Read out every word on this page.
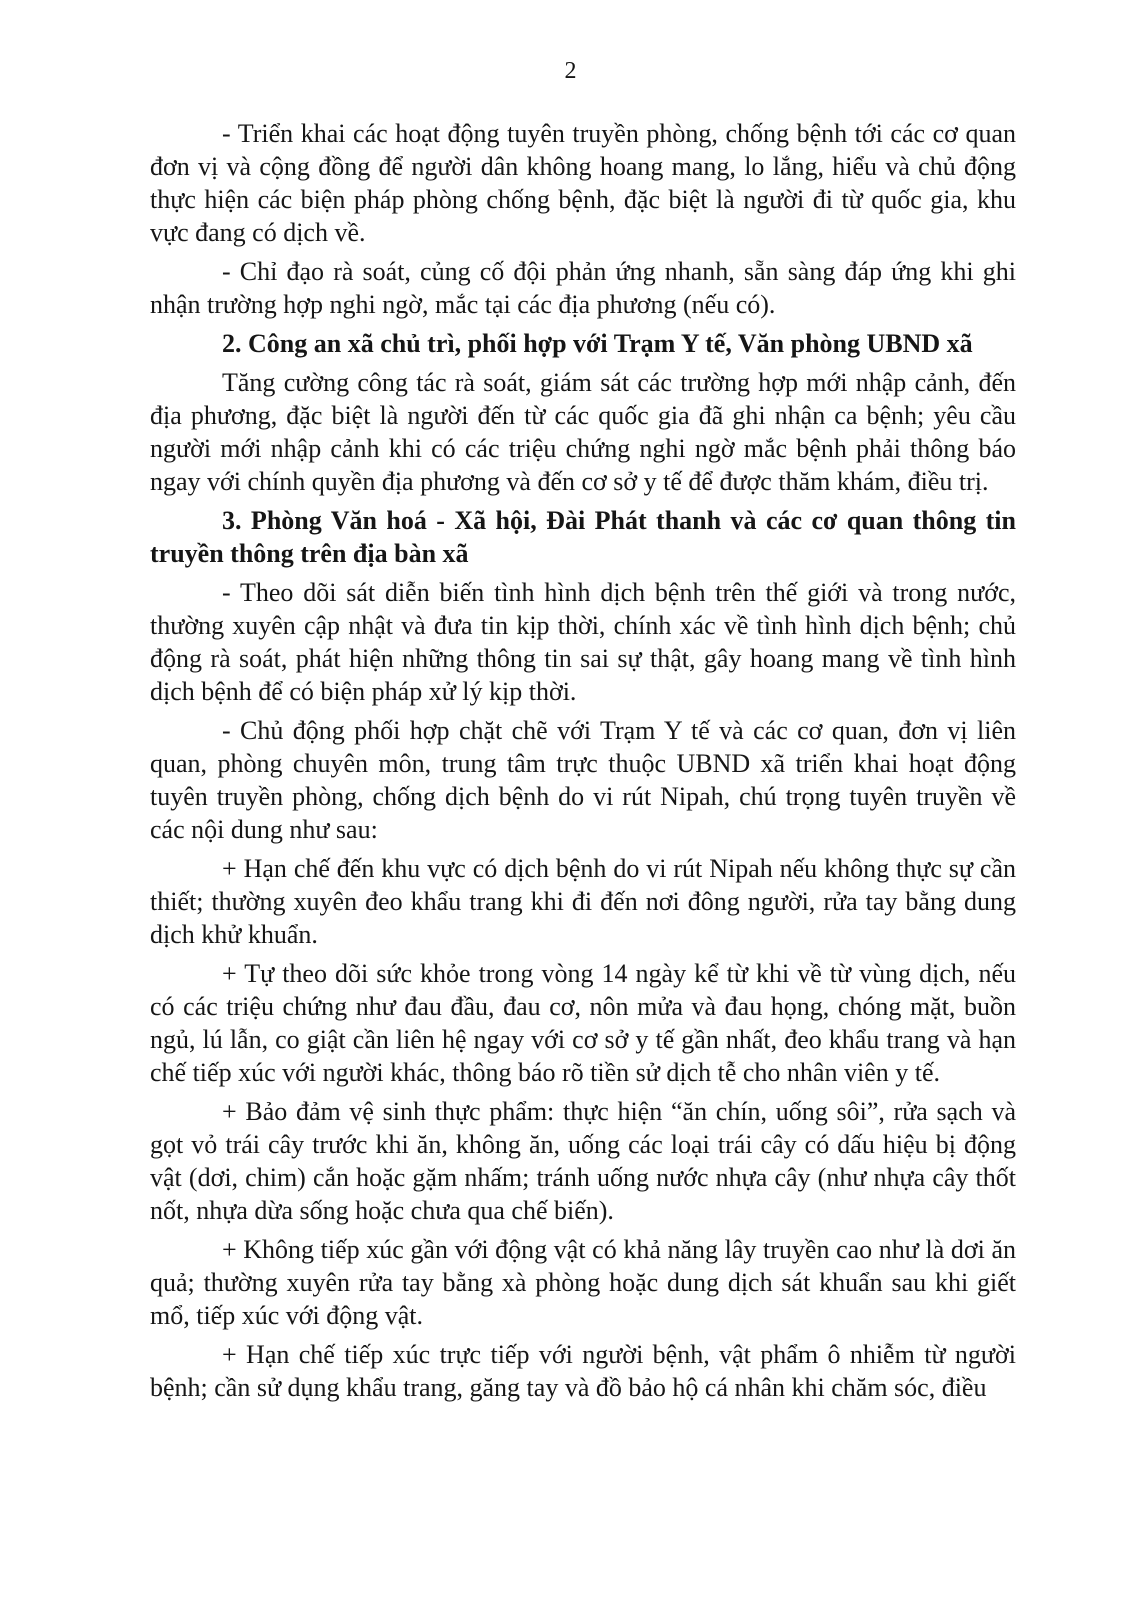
2

- Triển khai các hoạt động tuyên truyền phòng, chống bệnh tới các cơ quan đơn vị và cộng đồng để người dân không hoang mang, lo lắng, hiểu và chủ động thực hiện các biện pháp phòng chống bệnh, đặc biệt là người đi từ quốc gia, khu vực đang có dịch về.

- Chỉ đạo rà soát, củng cố đội phản ứng nhanh, sẵn sàng đáp ứng khi ghi nhận trường hợp nghi ngờ, mắc tại các địa phương (nếu có).

2. Công an xã chủ trì, phối hợp với Trạm Y tế, Văn phòng UBND xã

Tăng cường công tác rà soát, giám sát các trường hợp mới nhập cảnh, đến địa phương, đặc biệt là người đến từ các quốc gia đã ghi nhận ca bệnh; yêu cầu người mới nhập cảnh khi có các triệu chứng nghi ngờ mắc bệnh phải thông báo ngay với chính quyền địa phương và đến cơ sở y tế để được thăm khám, điều trị.

3. Phòng Văn hoá - Xã hội, Đài Phát thanh và các cơ quan thông tin truyền thông trên địa bàn xã

- Theo dõi sát diễn biến tình hình dịch bệnh trên thế giới và trong nước, thường xuyên cập nhật và đưa tin kịp thời, chính xác về tình hình dịch bệnh; chủ động rà soát, phát hiện những thông tin sai sự thật, gây hoang mang về tình hình dịch bệnh để có biện pháp xử lý kịp thời.

- Chủ động phối hợp chặt chẽ với Trạm Y tế và các cơ quan, đơn vị liên quan, phòng chuyên môn, trung tâm trực thuộc UBND xã triển khai hoạt động tuyên truyền phòng, chống dịch bệnh do vi rút Nipah, chú trọng tuyên truyền về các nội dung như sau:

+ Hạn chế đến khu vực có dịch bệnh do vi rút Nipah nếu không thực sự cần thiết; thường xuyên đeo khẩu trang khi đi đến nơi đông người, rửa tay bằng dung dịch khử khuẩn.

+ Tự theo dõi sức khỏe trong vòng 14 ngày kể từ khi về từ vùng dịch, nếu có các triệu chứng như đau đầu, đau cơ, nôn mửa và đau họng, chóng mặt, buồn ngủ, lú lẫn, co giật cần liên hệ ngay với cơ sở y tế gần nhất, đeo khẩu trang và hạn chế tiếp xúc với người khác, thông báo rõ tiền sử dịch tễ cho nhân viên y tế.

+ Bảo đảm vệ sinh thực phẩm: thực hiện “ăn chín, uống sôi”, rửa sạch và gọt vỏ trái cây trước khi ăn, không ăn, uống các loại trái cây có dấu hiệu bị động vật (dơi, chim) cắn hoặc gặm nhấm; tránh uống nước nhựa cây (như nhựa cây thốt nốt, nhựa dừa sống hoặc chưa qua chế biến).

+ Không tiếp xúc gần với động vật có khả năng lây truyền cao như là dơi ăn quả; thường xuyên rửa tay bằng xà phòng hoặc dung dịch sát khuẩn sau khi giết mổ, tiếp xúc với động vật.

+ Hạn chế tiếp xúc trực tiếp với người bệnh, vật phẩm ô nhiễm từ người bệnh; cần sử dụng khẩu trang, găng tay và đồ bảo hộ cá nhân khi chăm sóc, điều
